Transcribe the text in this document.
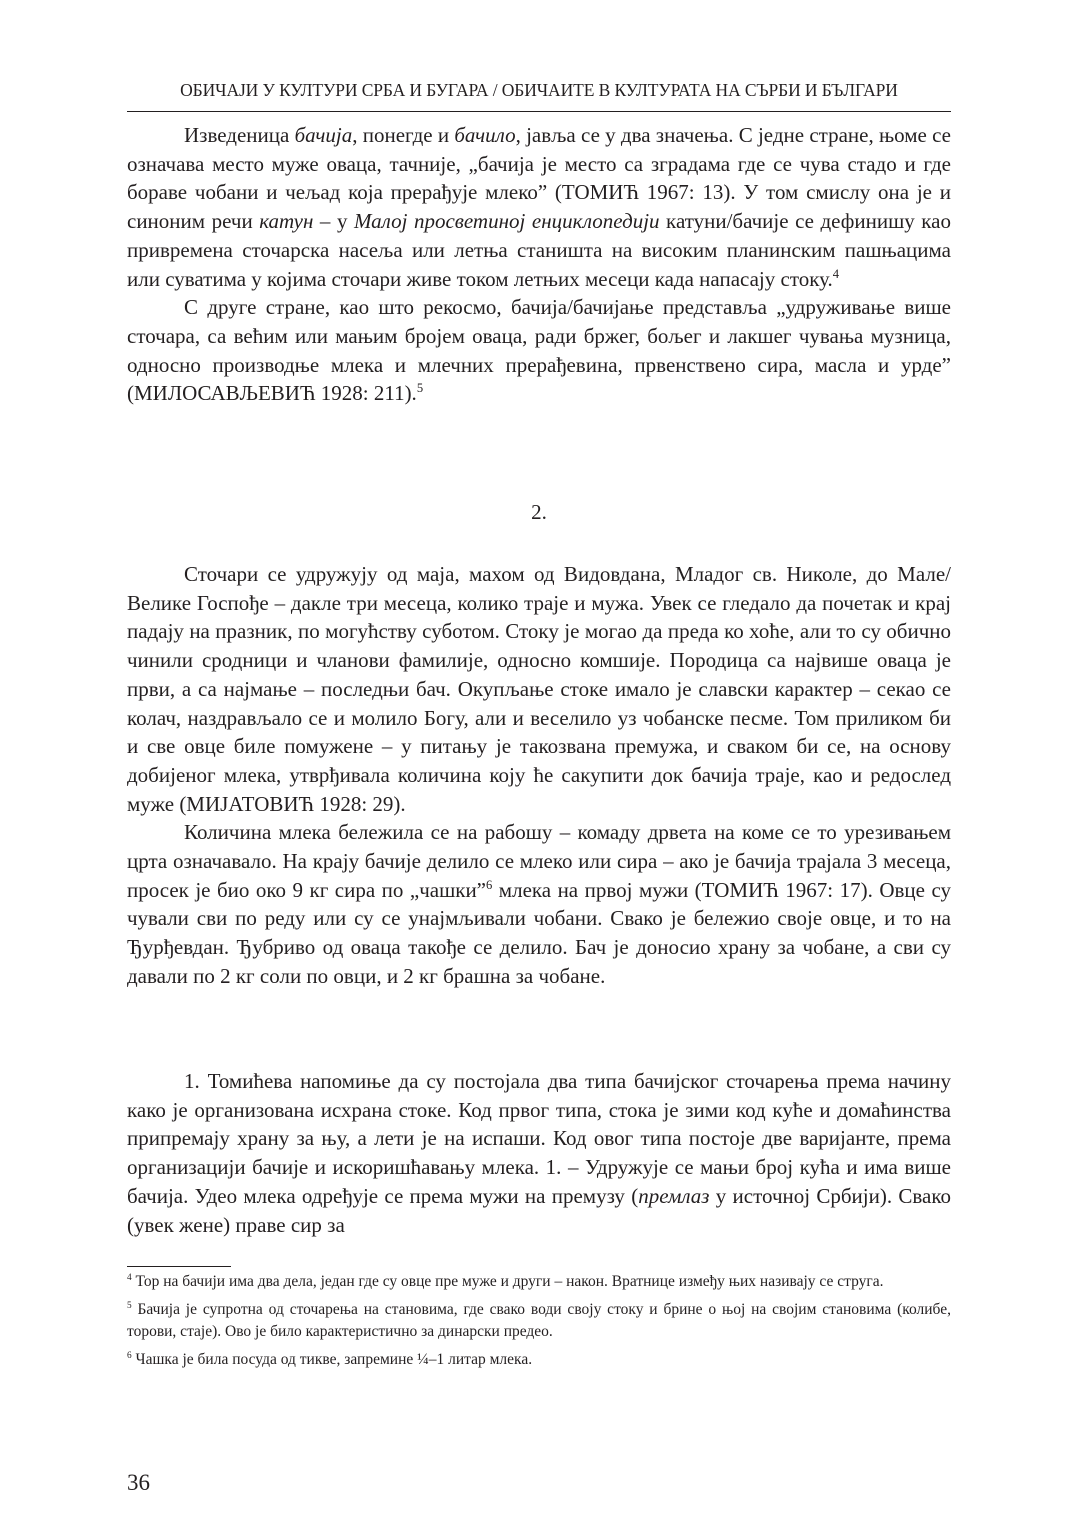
ОБИЧАЈИ У КУЛТУРИ СРБА И БУГАРА / ОБИЧАИТЕ В КУЛТУРАТА НА СЪРБИ И БЪЛГАРИ

Изведеница бачија, понегде и бачило, јавља се у два значења. С једне стране, њоме се означава место муже оваца, тачније, „бачија је место са зградама где се чува стадо и где бораве чобани и чељад која прерађује млеко” (ТОМИЋ 1967: 13). У том смислу она је и синоним речи катун – у Малој просветиној енциклопедији катуни/бачије се дефинишу као привремена сточарска насеља или летња станишта на високим планинским пашњацима или суватима у којима сточари живе током летњих месеци када напасају стоку.$^4$

С друге стране, као што рекосмо, бачија/бачијање представља „удруживање више сточара, са већим или мањим бројем оваца, ради бржег, бољег и лакшег чувања музница, односно производње млека и млечних прерађевина, првенствено сира, масла и урде” (МИЛОСАВЉЕВИЋ 1928: 211).$^5$

2.

Сточари се удружују од маја, махом од Видовдана, Младог св. Николе, до Мале/Велике Госпође – дакле три месеца, колико траје и мужа. Увек се гледало да почетак и крај падају на празник, по могућству суботом. Стоку је могао да преда ко хоће, али то су обично чинили сродници и чланови фамилије, односно комшије. Породица са највише оваца је први, а са најмање – последњи бач. Окупљање стоке имало је славски карактер – секао се колач, наздрављало се и молило Богу, али и веселило уз чобанске песме. Том приликом би и све овце биле помужене – у питању је такозвана премужа, и сваком би се, на основу добијеног млека, утврђивала количина коју ће сакупити док бачија траје, као и редослед муже (МИЈАТОВИЋ 1928: 29).

Количина млека бележила се на рабошу – комаду дрвета на коме се то урезивањем црта означавало. На крају бачије делило се млеко или сира – ако је бачија трајала 3 месеца, просек је био око 9 кг сира по „чашки”$^6$ млека на првој мужи (ТОМИЋ 1967: 17). Овце су чували сви по реду или су се унајмљивали чобани. Свако је бележио своје овце, и то на Ђурђевдан. Ђубриво од оваца такође се делило. Бач је доносио храну за чобане, а сви су давали по 2 кг соли по овци, и 2 кг брашна за чобане.

1. Томићева напомиње да су постојала два типа бачијског сточарења према начину како је организована исхрана стоке. Код првог типа, стока је зими код куће и домаћинства припремају храну за њу, а лети је на испаши. Код овог типа постоје две варијанте, према организацији бачије и искоришћавању млека. 1. – Удружује се мањи број кућа и има више бачија. Удео млека одређује се према мужи на премузу (премлаз у источној Србији). Свако (увек жене) праве сир за

$^4$ Тор на бачији има два дела, један где су овце пре муже и други – након. Вратнице између њих називају се струга.

$^5$ Бачија је супротна од сточарења на становима, где свако води своју стоку и брине о њој на својим становима (колибе, торови, стаје). Ово је било карактеристично за динарски предео.

$^6$ Чашка је била посуда од тикве, запремине ¼–1 литар млека.

36
